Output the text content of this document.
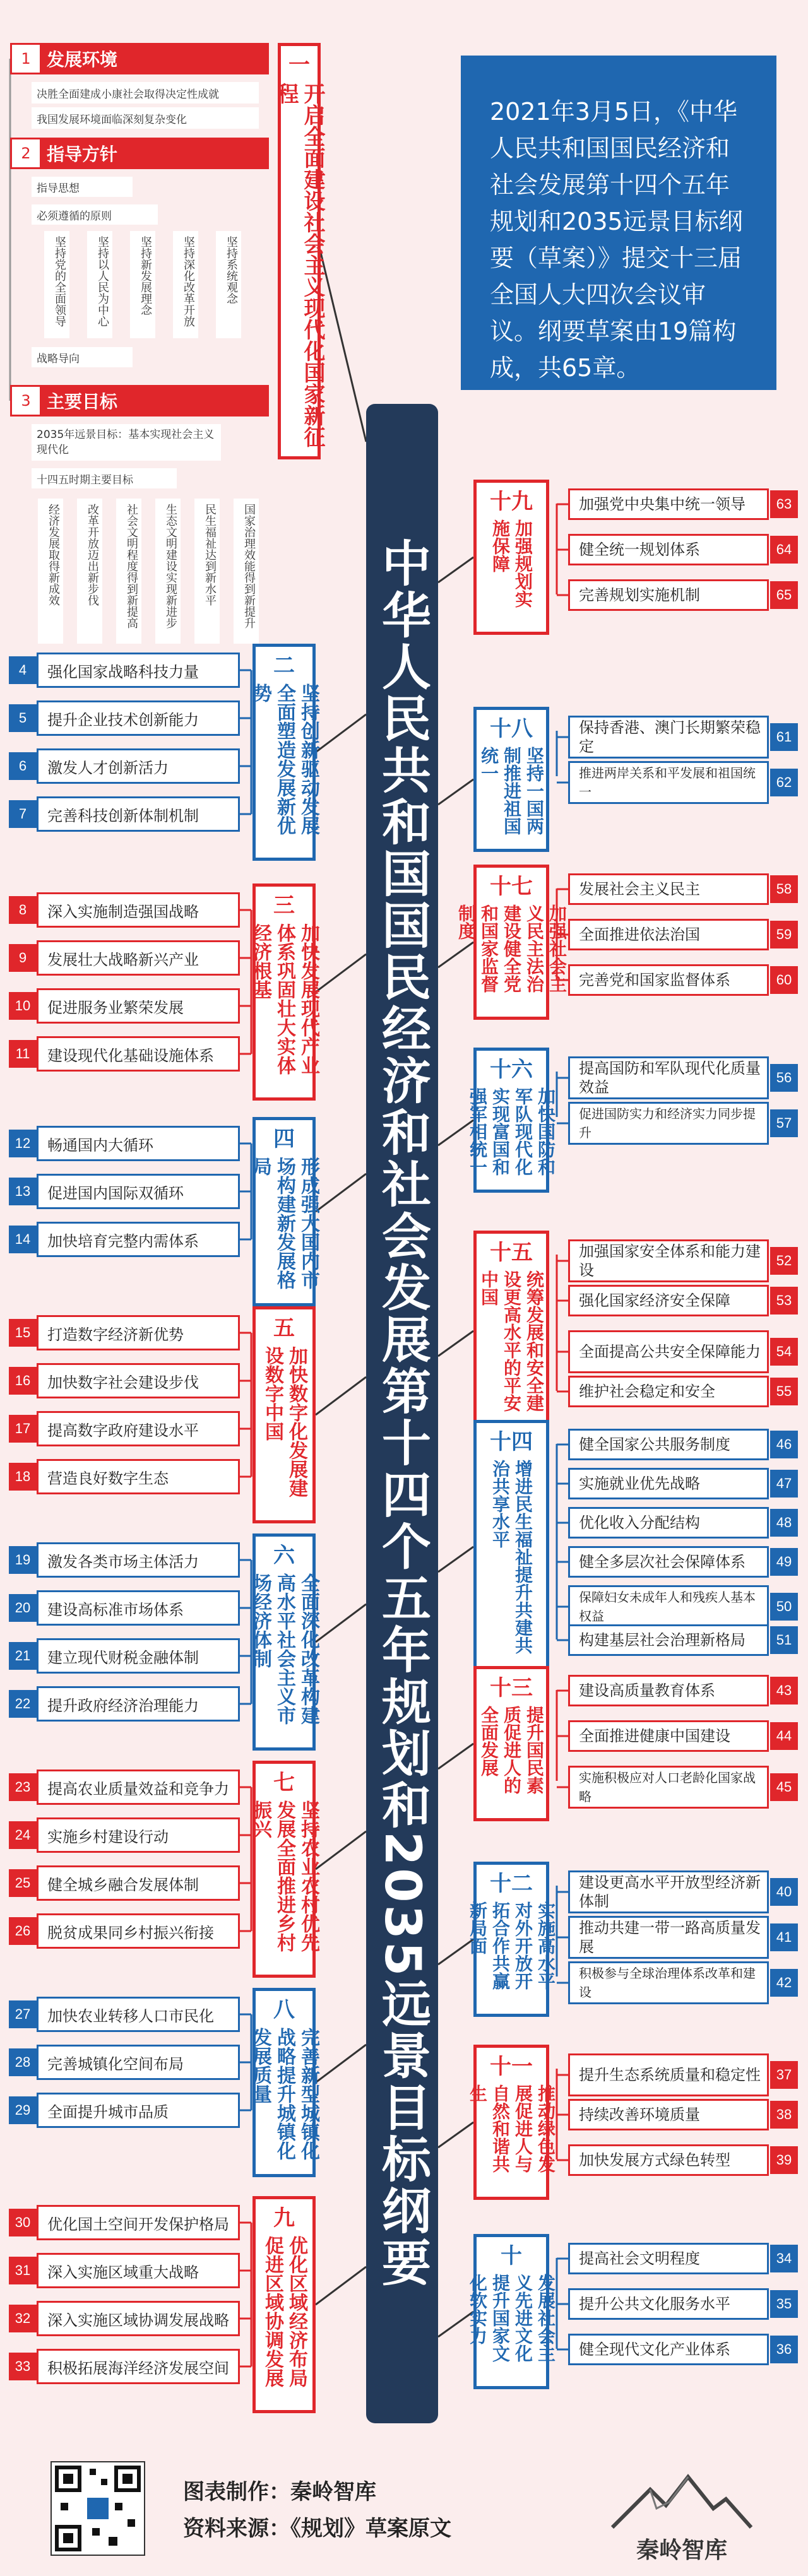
2021年3月5日，《中华人民共和国国民经济和社会发展第十四个五年规划和2035远景目标纲要（草案）》提交十三届全国人大四次会议审议。纲要草案由19篇构成，共65章。
中华人民共和国国民经济和社会发展第十四个五年规划和2035远景目标纲要
一
开启全面建设社会主义现代化国家新征程
发展环境
1
指导方针
2
主要目标
3
决胜全面建成小康社会取得决定性成就
我国发展环境面临深刻复杂变化
指导思想
必须遵循的原则
坚持党的全面领导	坚持以人民为中心	坚持新发展理念	坚持深化改革开放	坚持系统观念
战略导向
2035年远景目标：基本实现社会主义现代化
十四五时期主要目标
经济发展取得新成效	改革开放迈出新步伐	社会文明程度得到新提高	生态文明建设实现新进步	民生福祉达到新水平	国家治理效能得到新提升
4	强化国家战略科技力量
5	提升企业技术创新能力
6	激发人才创新活力
7	完善科技创新体制机制
二
坚持创新驱动发展全面塑造发展新优势
8	深入实施制造强国战略
9	发展壮大战略新兴产业
10	促进服务业繁荣发展
11	建设现代化基础设施体系
三
加快发展现代产业体系巩固壮大实体经济根基
12	畅通国内大循环
13	促进国内国际双循环
14	加快培育完整内需体系
四
形成强大国内市场构建新发展格局
15	打造数字经济新优势
16	加快数字社会建设步伐
17	提高数字政府建设水平
18	营造良好数字生态
五
加快数字化发展建设数字中国
19	激发各类市场主体活力
20	建设高标准市场体系
21	建立现代财税金融体制
22	提升政府经济治理能力
六
全面深化改革构建高水平社会主义市场经济体制
23	提高农业质量效益和竞争力
24	实施乡村建设行动
25	健全城乡融合发展体制
26	脱贫成果同乡村振兴衔接
七
坚持农业农村优先发展全面推进乡村振兴
27	加快农业转移人口市民化
28	完善城镇化空间布局
29	全面提升城市品质
八
完善新型城镇化战略提升城镇化发展质量
30	优化国土空间开发保护格局
31	深入实施区域重大战略
32	深入实施区域协调发展战略
33	积极拓展海洋经济发展空间
九
优化区域经济布局促进区域协调发展
十九
加强规划实施保障
加强党中央集中统一领导	63
健全统一规划体系	64
完善规划实施机制	65
十八
坚持一国两制推进祖国统一
保持香港、澳门长期繁荣稳定
61
推进两岸关系和平发展和祖国统一
62
十七
加强社会主义民主法治建设健全党和国家监督制度
发展社会主义民主	58
全面推进依法治国	59
完善党和国家监督体系	60
十六
加快国防和军队现代化实现富国和强军相统一
提高国防和军队现代化质量效益
56
促进国防实力和经济实力同步提升
57
十五
统筹发展和安全建设更高水平的平安中国
加强国家安全体系和能力建设
52
强化国家经济安全保障	53
全面提高公共安全保障能力	54
维护社会稳定和安全	55
十四
增进民生福祉提升共建共治共享水平
健全国家公共服务制度	46
实施就业优先战略	47
优化收入分配结构	48
健全多层次社会保障体系	49
保障妇女未成年人和残疾人基本权益
50
构建基层社会治理新格局	51
十三
提升国民素质促进人的全面发展
建设高质量教育体系	43
全面推进健康中国建设	44
实施积极应对人口老龄化国家战略
45
十二
实施高水平对外开放开拓合作共赢新局面
建设更高水平开放型经济新体制
40
推动共建一带一路高质量发展
41
积极参与全球治理体系改革和建设
42
十一
推动绿色发展促进人与自然和谐共生
提升生态系统质量和稳定性	37
持续改善环境质量	38
加快发展方式绿色转型	39
十
发展社会主义先进文化提升国家文化软实力
提高社会文明程度	34
提升公共文化服务水平	35
健全现代文化产业体系	36
图表制作：秦岭智库
资料来源：《规划》草案原文
秦岭智库
